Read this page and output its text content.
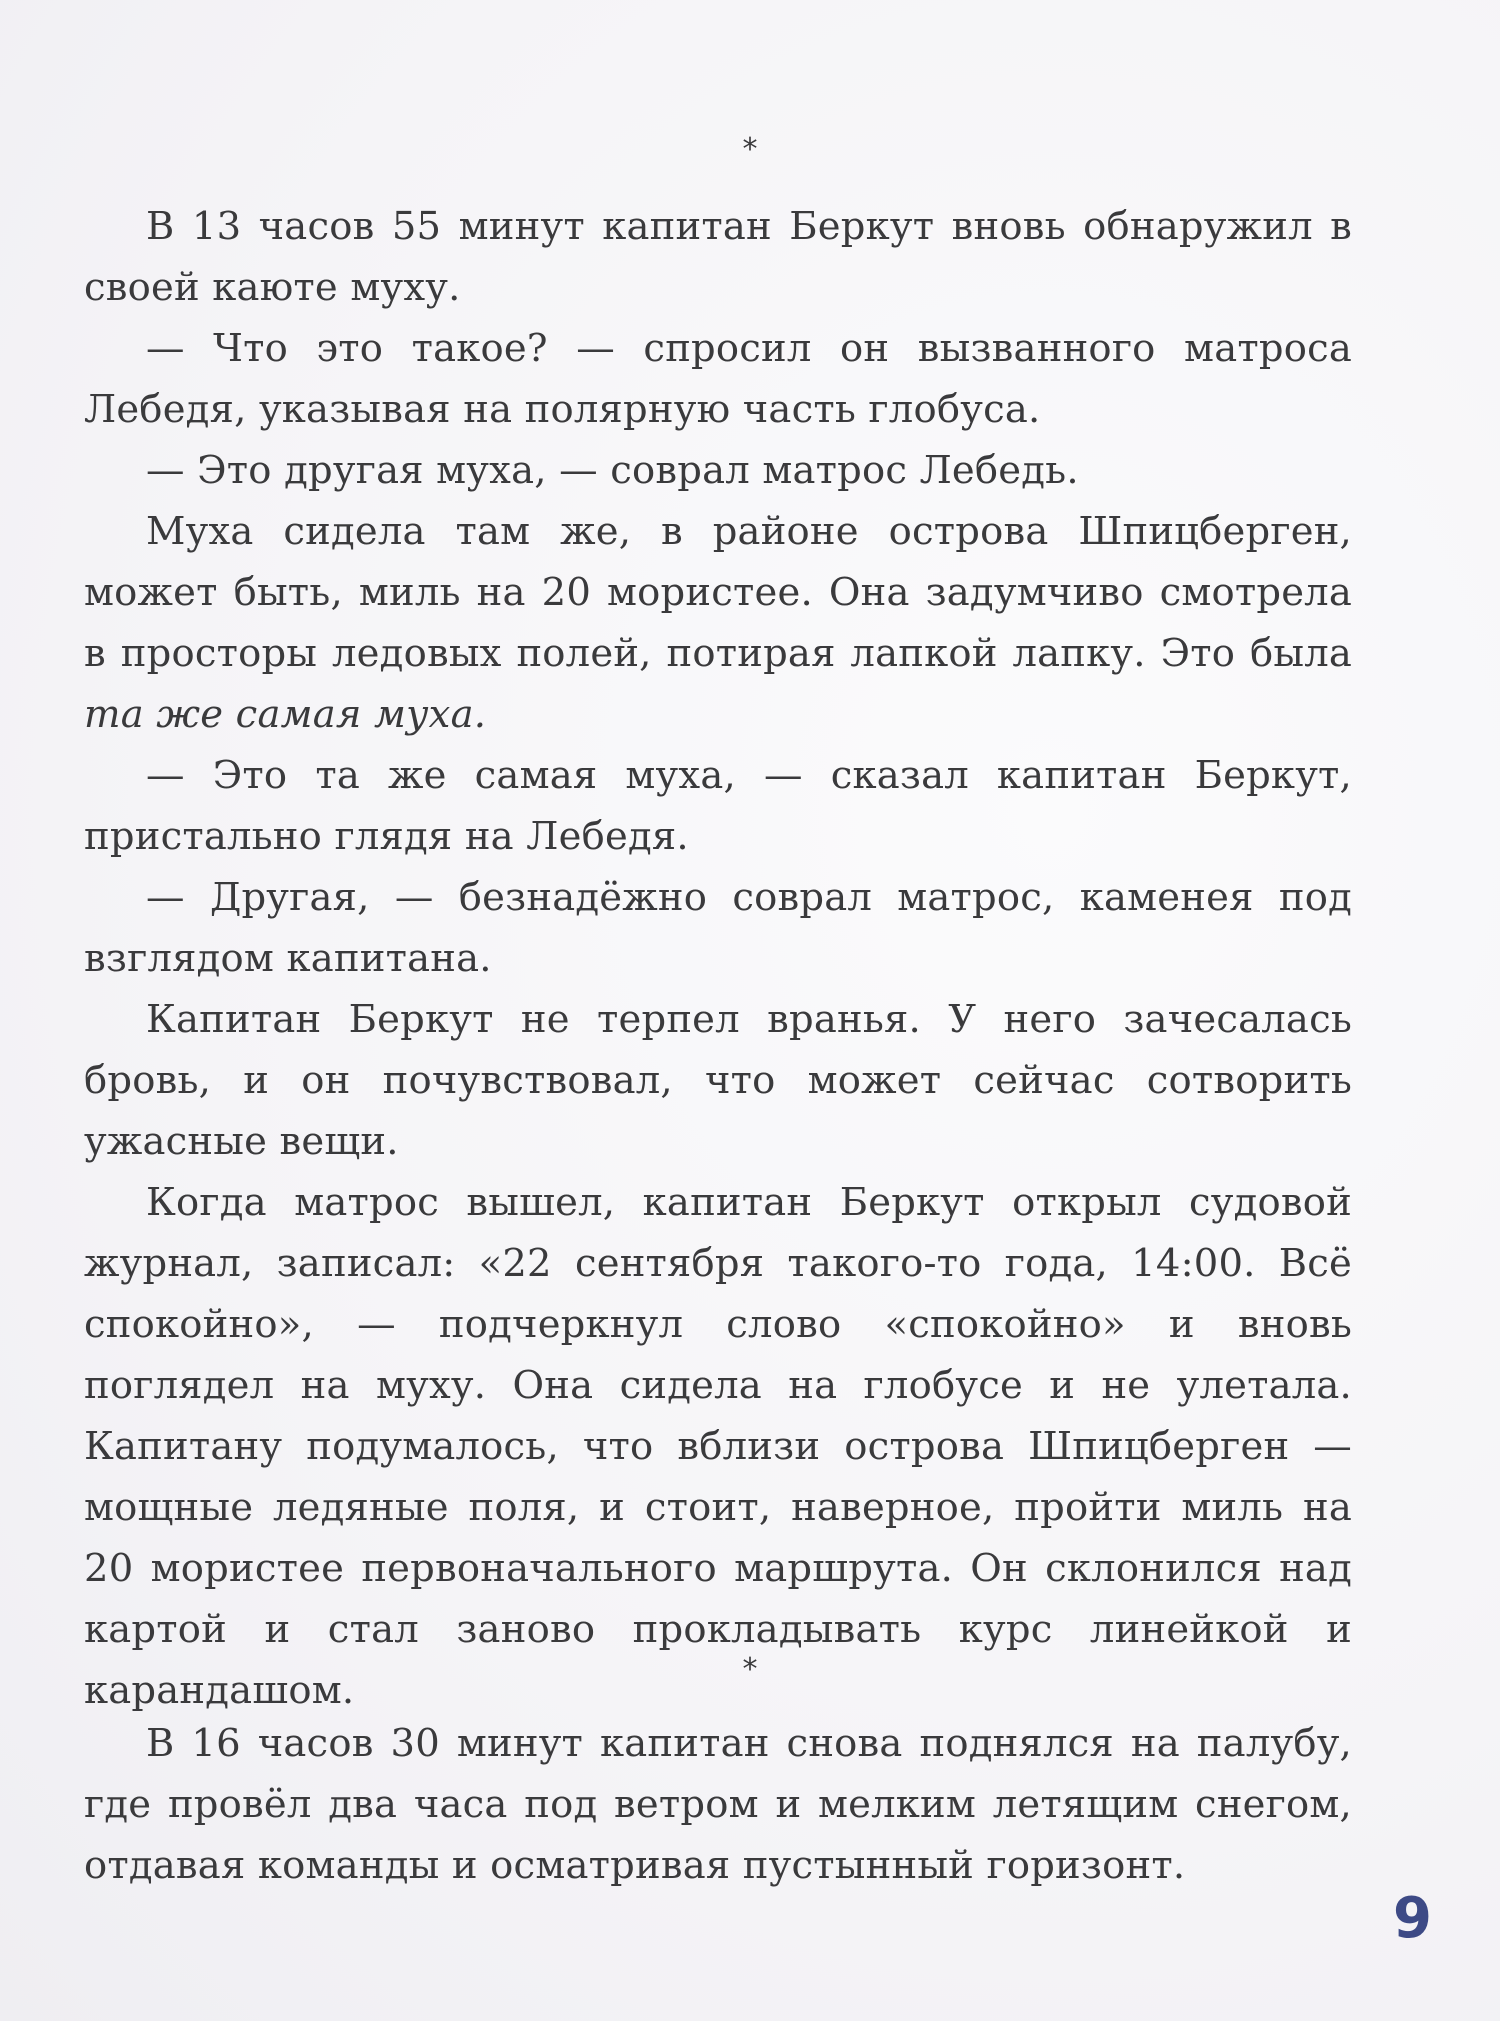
*

В 13 часов 55 минут капитан Беркут вновь обнаружил в своей каюте муху.

— Что это такое? — спросил он вызванного матроса Лебедя, указывая на полярную часть глобуса.

— Это другая муха, — соврал матрос Лебедь.

Муха сидела там же, в районе острова Шпицберген, может быть, миль на 20 мористее. Она задумчиво смотрела в просторы ледовых полей, потирая лапкой лапку. Это была та же самая муха.

— Это та же самая муха, — сказал капитан Беркут, пристально глядя на Лебедя.

— Другая, — безнадёжно соврал матрос, каменея под взглядом капитана.

Капитан Беркут не терпел вранья. У него зачесалась бровь, и он почувствовал, что может сейчас сотворить ужасные вещи.

Когда матрос вышел, капитан Беркут открыл судовой журнал, записал: «22 сентября такого-то года, 14:00. Всё спокойно», — подчеркнул слово «спокойно» и вновь поглядел на муху. Она сидела на глобусе и не улетала. Капитану подумалось, что вблизи острова Шпицберген — мощные ледяные поля, и стоит, наверное, пройти миль на 20 мористее первоначального маршрута. Он склонился над картой и стал заново прокладывать курс линейкой и карандашом.	*

В 16 часов 30 минут капитан снова поднялся на палубу, где провёл два часа под ветром и мелким летящим снегом, отдавая команды и осматривая пустынный горизонт.

9
